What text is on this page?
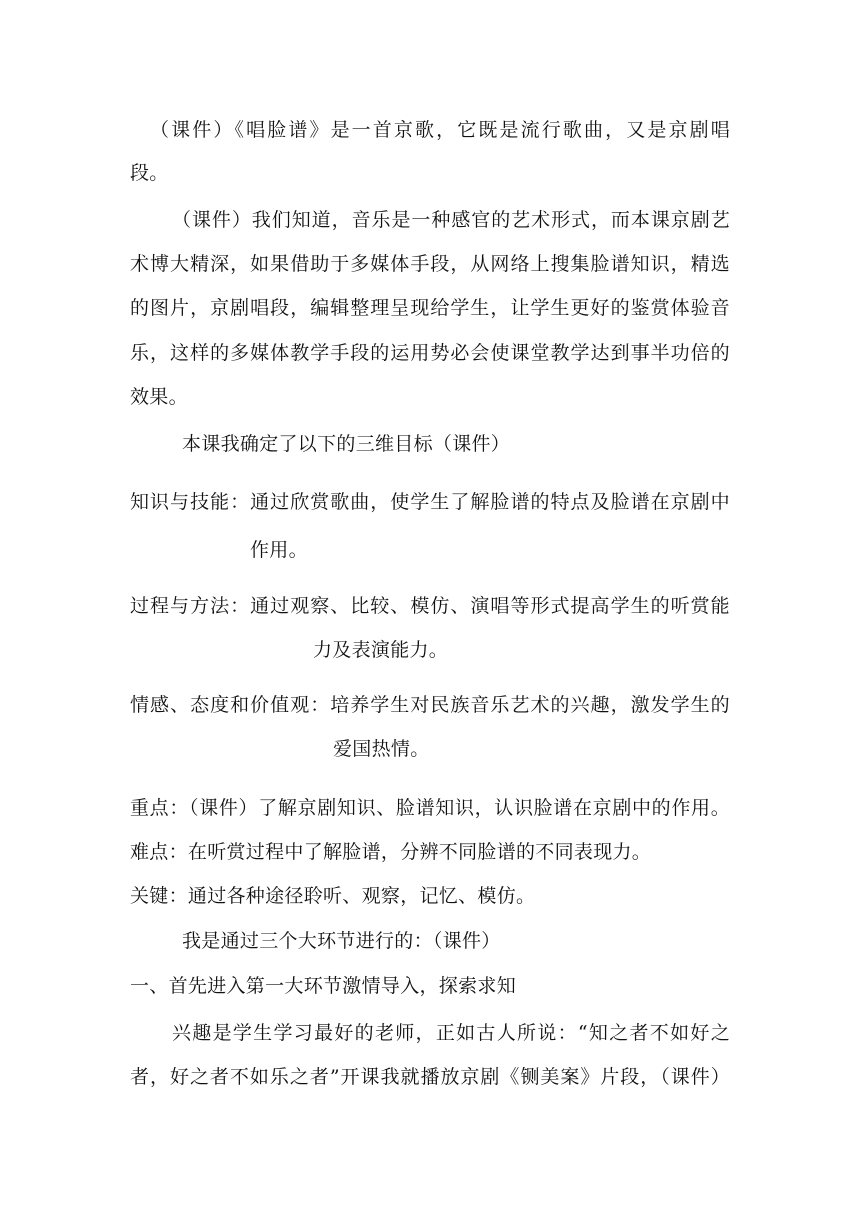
（课件）《唱脸谱》是一首京歌，它既是流行歌曲，又是京剧唱
段。
（课件）我们知道，音乐是一种感官的艺术形式，而本课京剧艺
术博大精深，如果借助于多媒体手段，从网络上搜集脸谱知识，精选
的图片，京剧唱段，编辑整理呈现给学生，让学生更好的鉴赏体验音
乐，这样的多媒体教学手段的运用势必会使课堂教学达到事半功倍的
效果。
本课我确定了以下的三维目标（课件）
知识与技能：通过欣赏歌曲，使学生了解脸谱的特点及脸谱在京剧中
作用。
过程与方法：通过观察、比较、模仿、演唱等形式提高学生的听赏能
力及表演能力。
情感、态度和价值观：培养学生对民族音乐艺术的兴趣，激发学生的
爱国热情。
重点：（课件）了解京剧知识、脸谱知识，认识脸谱在京剧中的作用。
难点：在听赏过程中了解脸谱，分辨不同脸谱的不同表现力。
关键：通过各种途径聆听、观察，记忆、模仿。
我是通过三个大环节进行的：（课件）
一、首先进入第一大环节激情导入，探索求知
兴趣是学生学习最好的老师，正如古人所说：“知之者不如好之
者，好之者不如乐之者”开课我就播放京剧《铡美案》片段，（课件）
